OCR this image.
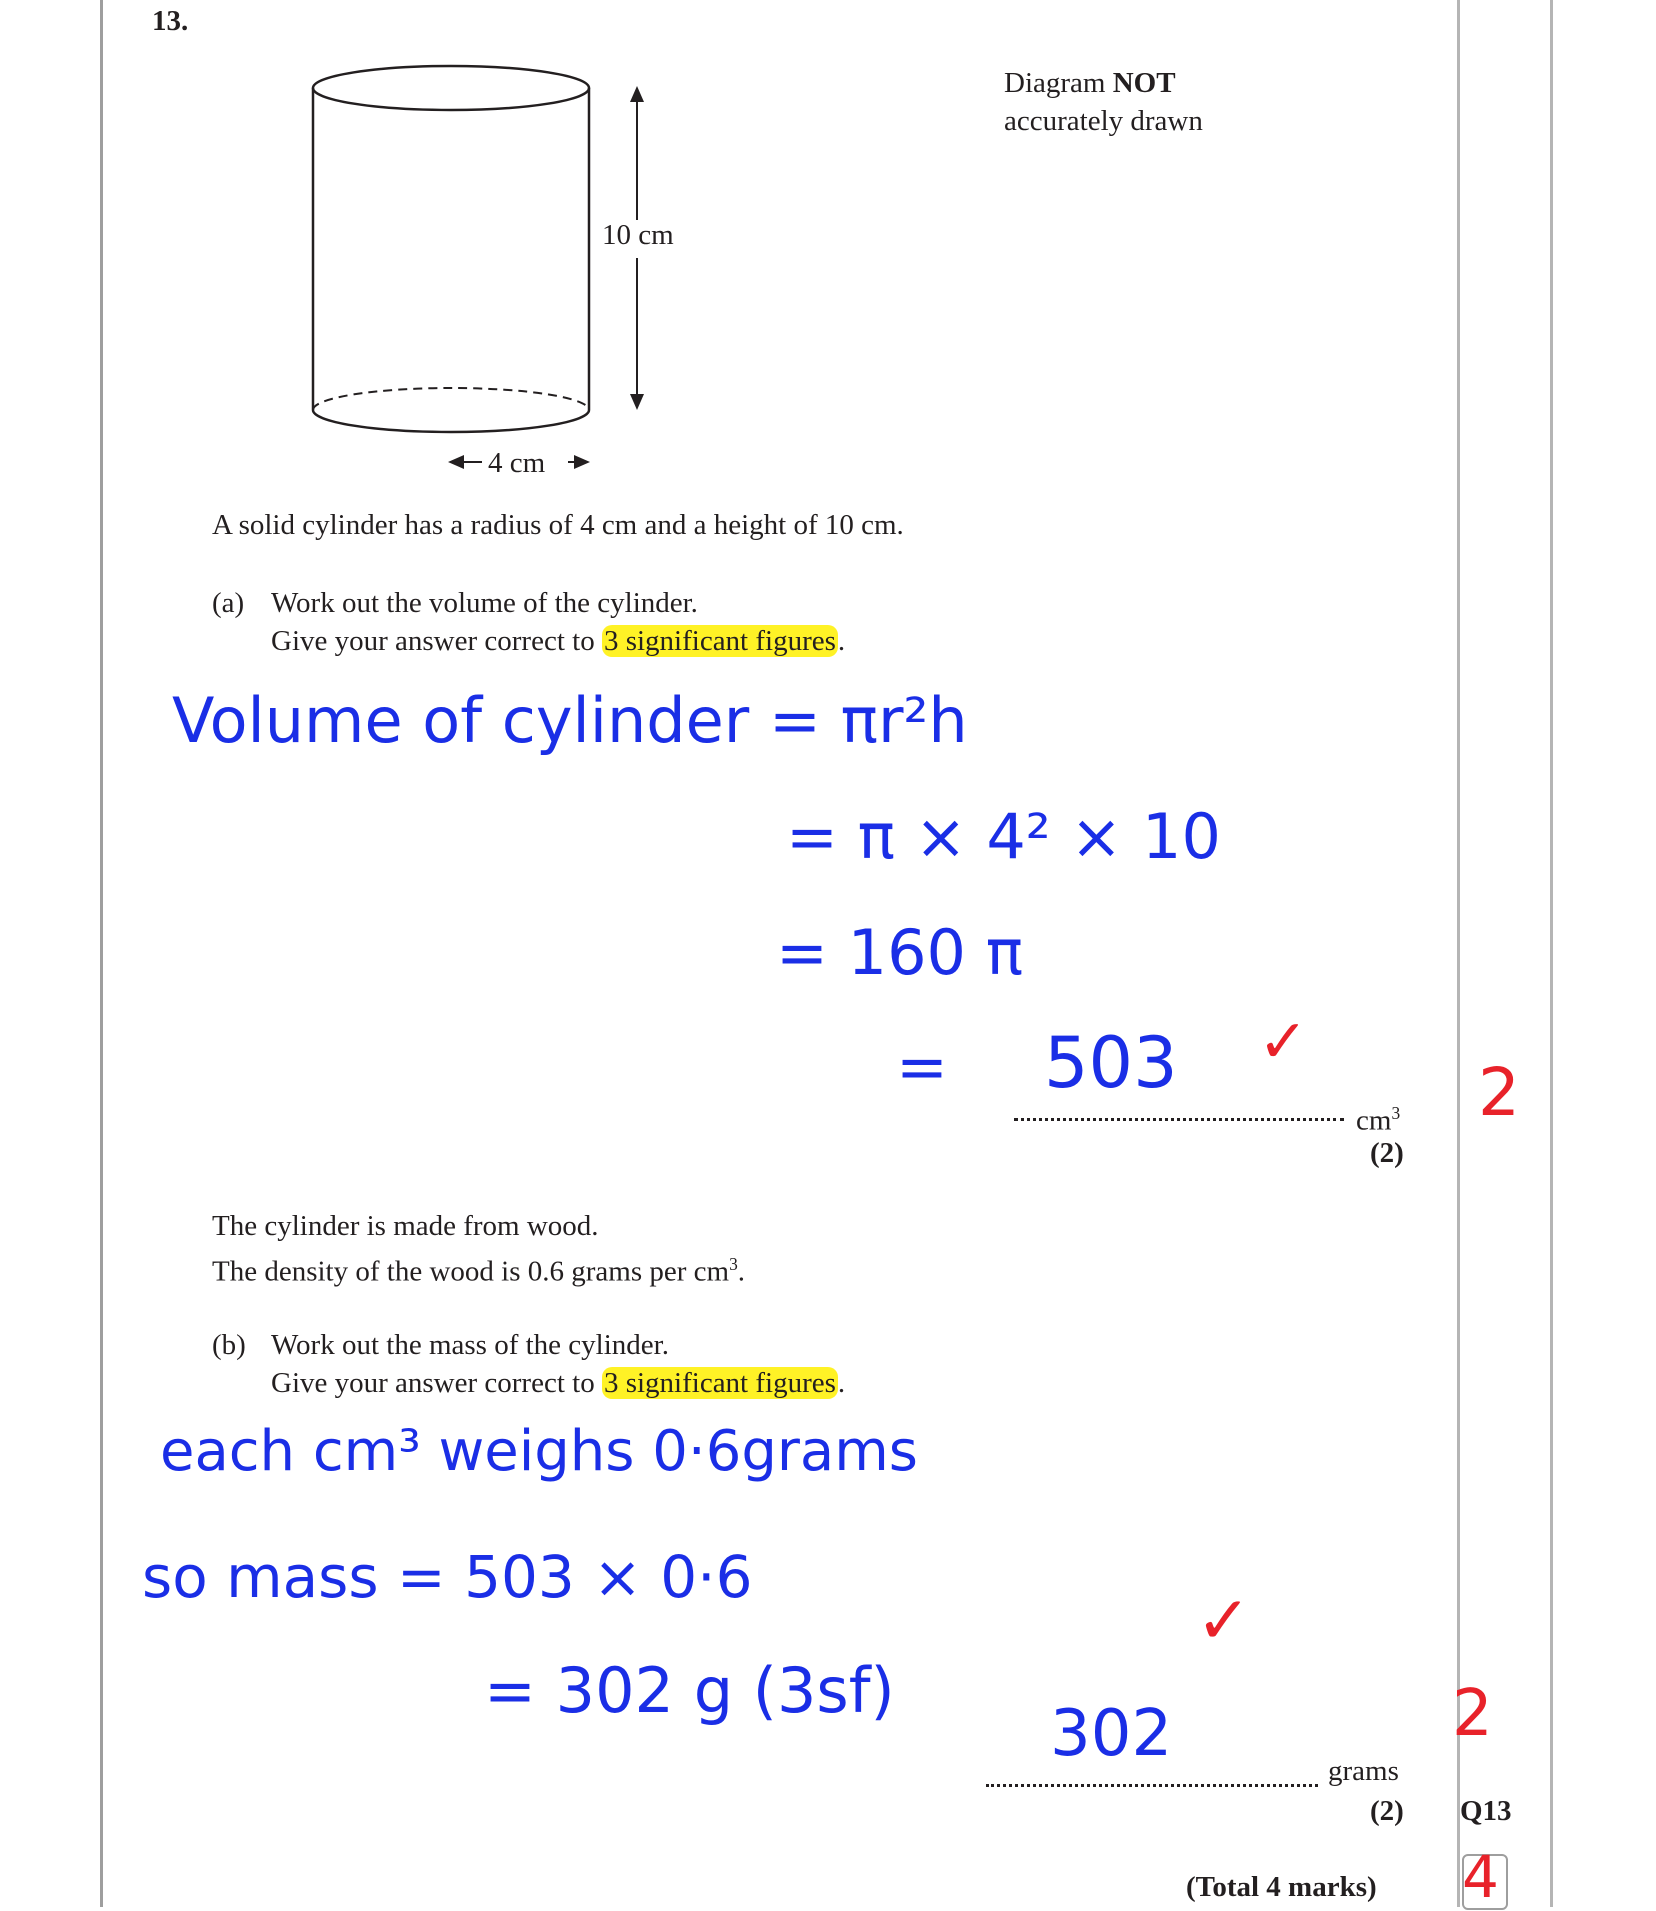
13.
10 cm
4 cm
Diagram NOT
accurately drawn
A solid cylinder has a radius of 4 cm and a height of 10 cm.
(a) Work out the volume of the cylinder.
Give your answer correct to 3 significant figures.
Volume of cylinder = πr²h
= π × 4² × 10
= 160 π
= 503 ✓
$cm^3$
(2)
2
The cylinder is made from wood.
The density of the wood is 0.6 grams per $cm^3$.
(b) Work out the mass of the cylinder.
Give your answer correct to 3 significant figures.
each cm³ weighs 0·6grams
so mass = 503 × 0·6
= 302 g (3sf)
302
✓
grams
(2)
2
Q13
(Total 4 marks) 4
